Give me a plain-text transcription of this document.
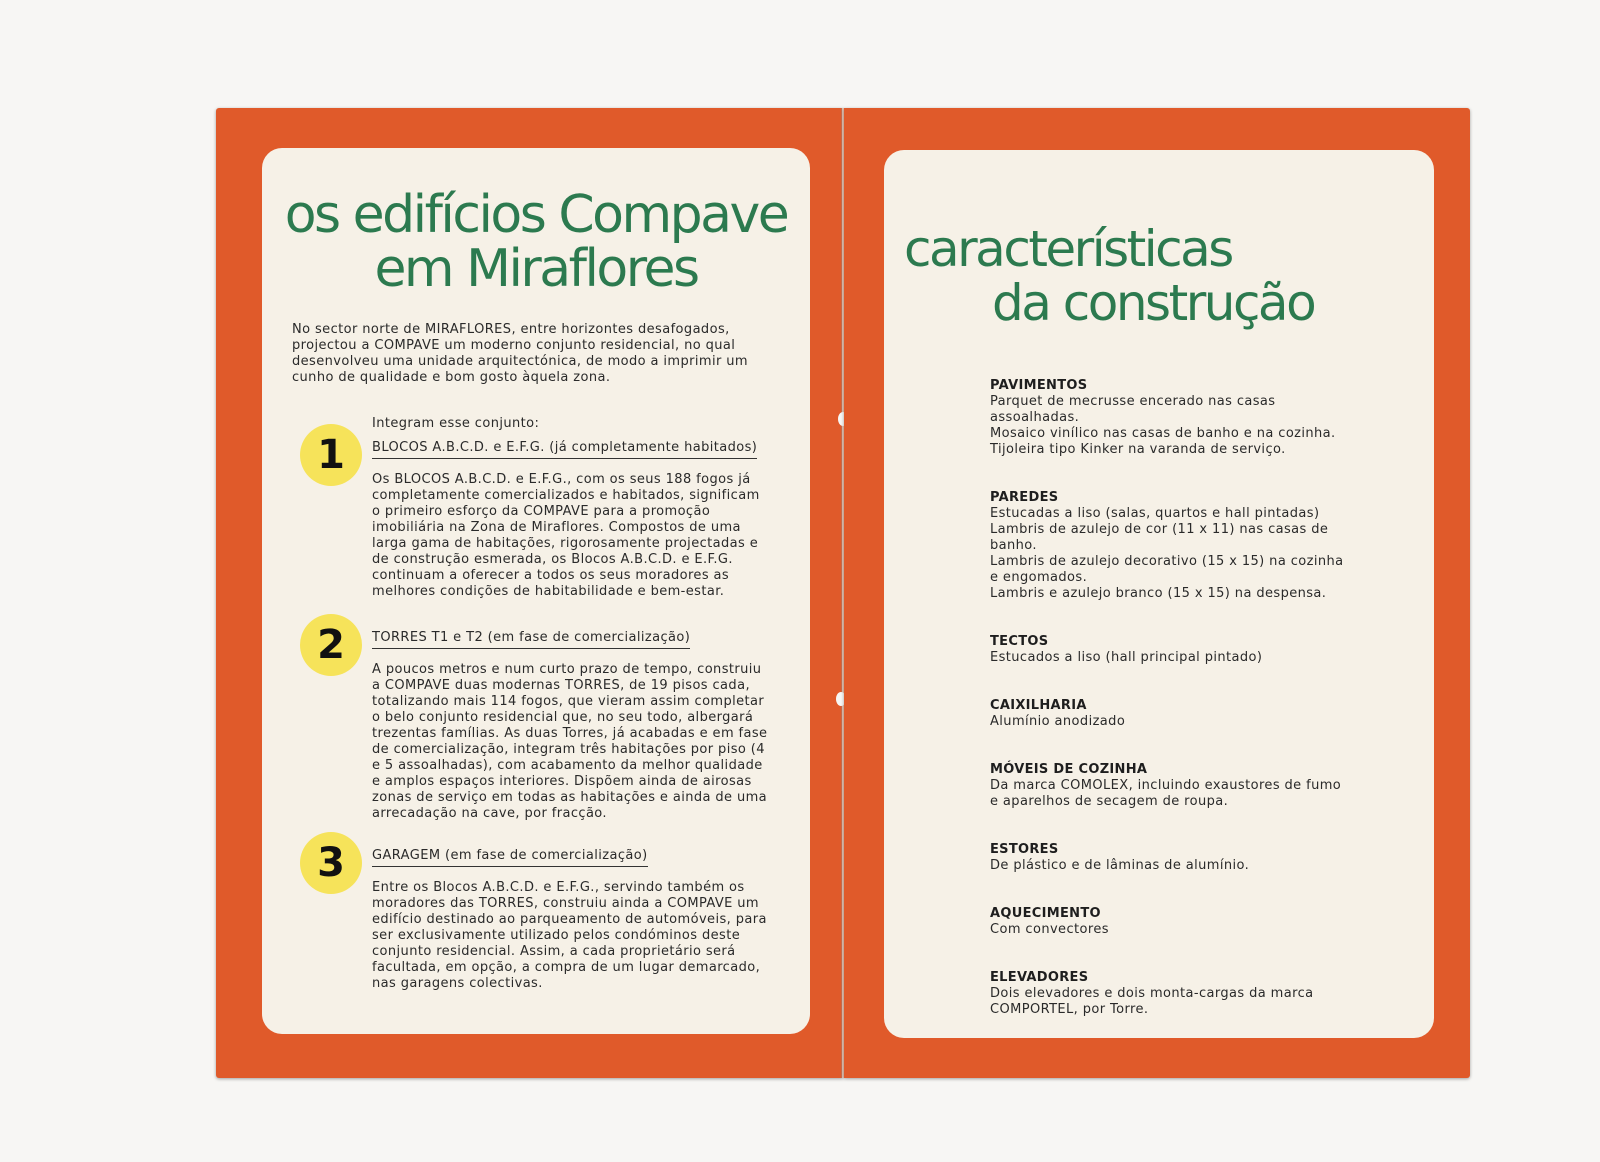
os edifícios Compave
em Miraflores

No sector norte de MIRAFLORES, entre horizontes desafogados, projectou a COMPAVE um moderno conjunto residencial, no qual desenvolveu uma unidade arquitectónica, de modo a imprimir um cunho de qualidade e bom gosto àquela zona.

Integram esse conjunto:

1	BLOCOS A.B.C.D. e E.F.G. (já completamente habitados)

Os BLOCOS A.B.C.D. e E.F.G., com os seus 188 fogos já completamente comercializados e habitados, significam o primeiro esforço da COMPAVE para a promoção imobiliária na Zona de Miraflores. Compostos de uma larga gama de habitações, rigorosamente projectadas e de construção esmerada, os Blocos A.B.C.D. e E.F.G. continuam a oferecer a todos os seus moradores as melhores condições de habitabilidade e bem-estar.

2	TORRES T1 e T2 (em fase de comercialização)

A poucos metros e num curto prazo de tempo, construiu a COMPAVE duas modernas TORRES, de 19 pisos cada, totalizando mais 114 fogos, que vieram assim completar o belo conjunto residencial que, no seu todo, albergará trezentas famílias. As duas Torres, já acabadas e em fase de comercialização, integram três habitações por piso (4 e 5 assoalhadas), com acabamento da melhor qualidade e amplos espaços interiores. Dispõem ainda de airosas zonas de serviço em todas as habitações e ainda de uma arrecadação na cave, por fracção.

3	GARAGEM (em fase de comercialização)

Entre os Blocos A.B.C.D. e E.F.G., servindo também os moradores das TORRES, construiu ainda a COMPAVE um edifício destinado ao parqueamento de automóveis, para ser exclusivamente utilizado pelos condóminos deste conjunto residencial. Assim, a cada proprietário será facultada, em opção, a compra de um lugar demarcado, nas garagens colectivas.

características
da construção
PAVIMENTOS
Parquet de mecrusse encerado nas casas
assoalhadas.
Mosaico vinílico nas casas de banho e na cozinha.
Tijoleira tipo Kinker na varanda de serviço.
PAREDES
Estucadas a liso (salas, quartos e hall pintadas)
Lambris de azulejo de cor (11 x 11) nas casas de
banho.
Lambris de azulejo decorativo (15 x 15) na cozinha
e engomados.
Lambris e azulejo branco (15 x 15) na despensa.
TECTOS
Estucados a liso (hall principal pintado)
CAIXILHARIA
Alumínio anodizado
MÓVEIS DE COZINHA
Da marca COMOLEX, incluindo exaustores de fumo
e aparelhos de secagem de roupa.
ESTORES
De plástico e de lâminas de alumínio.
AQUECIMENTO
Com convectores
ELEVADORES
Dois elevadores e dois monta-cargas da marca
COMPORTEL, por Torre.
